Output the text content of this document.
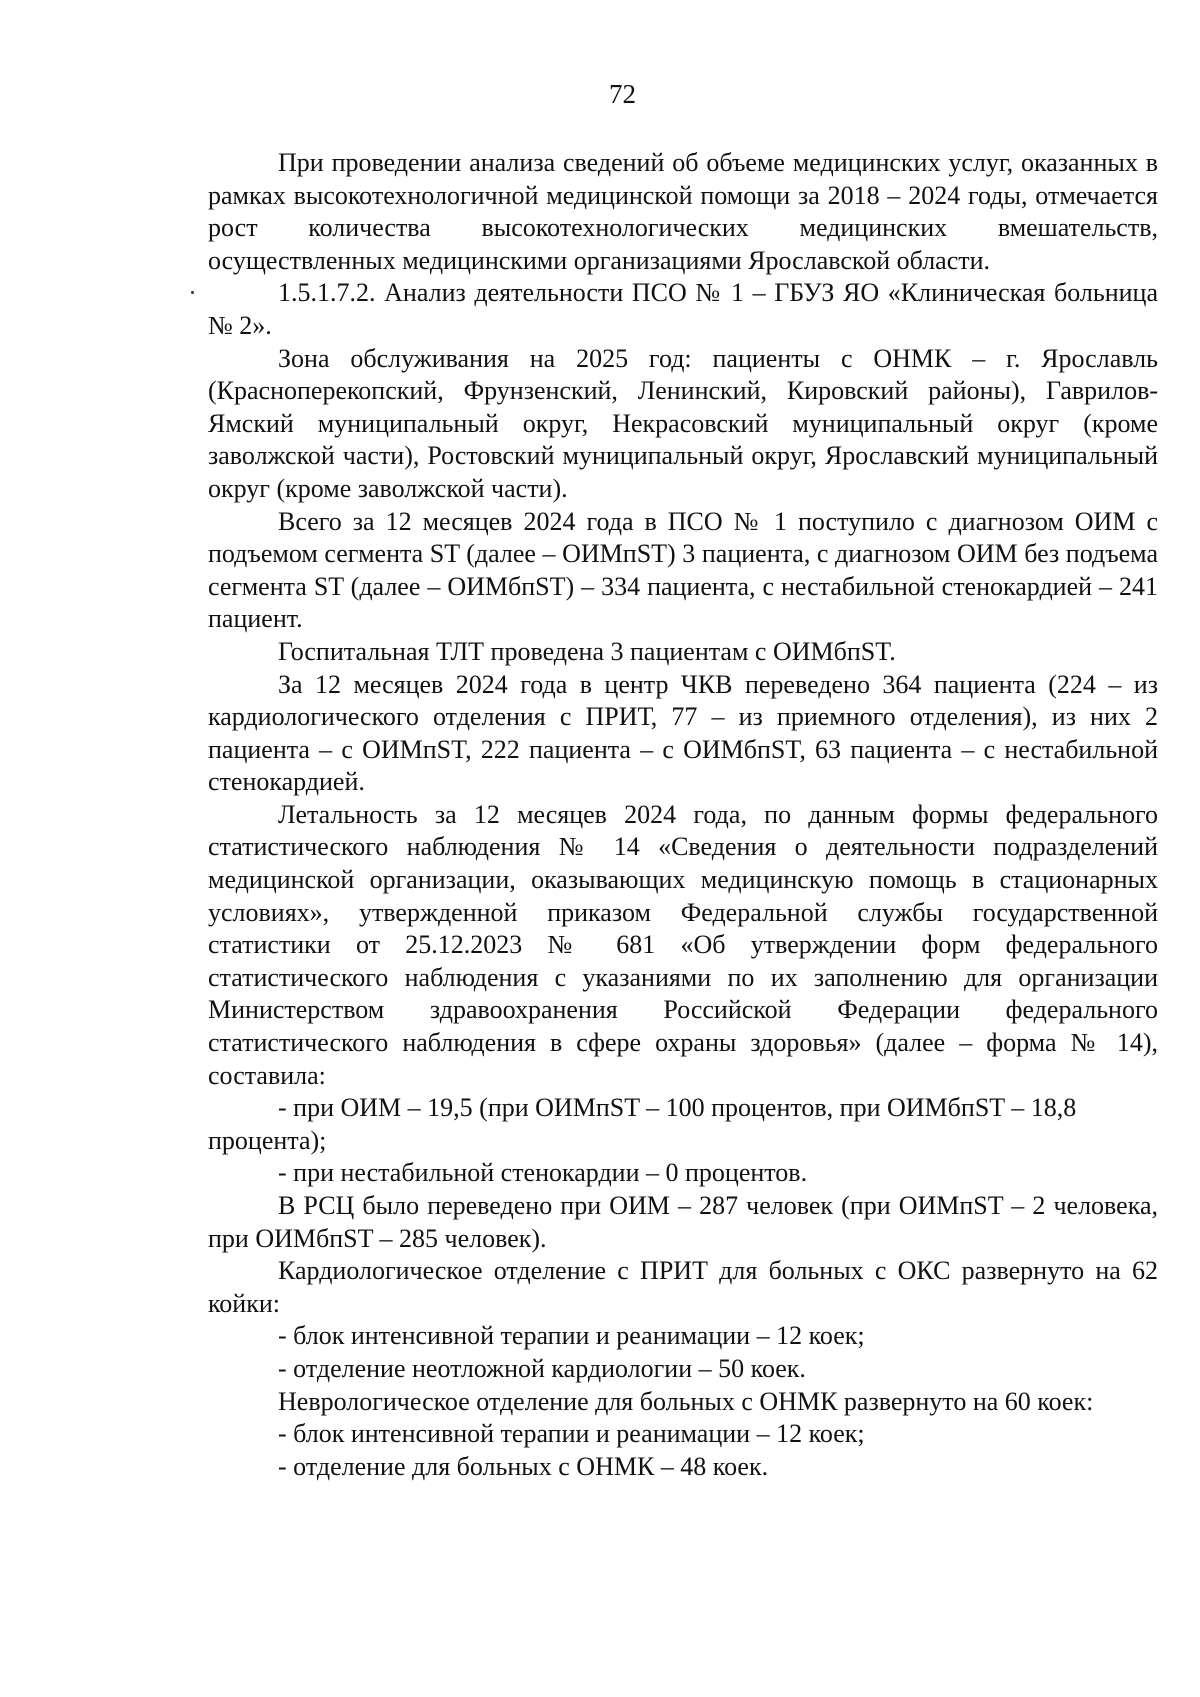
72

При проведении анализа сведений об объеме медицинских услуг, оказанных в рамках высокотехнологичной медицинской помощи за 2018 – 2024 годы, отмечается рост количества высокотехнологических медицинских вмешательств, осуществленных медицинскими организациями Ярославской области.

1.5.1.7.2. Анализ деятельности ПСО № 1 – ГБУЗ ЯО «Клиническая больница № 2».

Зона обслуживания на 2025 год: пациенты с ОНМК – г. Ярославль (Красноперекопский, Фрунзенский, Ленинский, Кировский районы), Гаврилов-Ямский муниципальный округ, Некрасовский муниципальный округ (кроме заволжской части), Ростовский муниципальный округ, Ярославский муниципальный округ (кроме заволжской части).

Всего за 12 месяцев 2024 года в ПСО № 1 поступило с диагнозом ОИМ с подъемом сегмента ST (далее – ОИМпST) 3 пациента, с диагнозом ОИМ без подъема сегмента ST (далее – ОИМбпST) – 334 пациента, с нестабильной стенокардией – 241 пациент.

Госпитальная ТЛТ проведена 3 пациентам с ОИМбпST.

За 12 месяцев 2024 года в центр ЧКВ переведено 364 пациента (224 – из кардиологического отделения с ПРИТ, 77 – из приемного отделения), из них 2 пациента – с ОИМпST, 222 пациента – с ОИМбпST, 63 пациента – с нестабильной стенокардией.

Летальность за 12 месяцев 2024 года, по данным формы федерального статистического наблюдения № 14 «Сведения о деятельности подразделений медицинской организации, оказывающих медицинскую помощь в стационарных условиях», утвержденной приказом Федеральной службы государственной статистики от 25.12.2023 № 681 «Об утверждении форм федерального статистического наблюдения с указаниями по их заполнению для организации Министерством здравоохранения Российской Федерации федерального статистического наблюдения в сфере охраны здоровья» (далее – форма № 14), составила:

- при ОИМ – 19,5 (при ОИМпST – 100 процентов, при ОИМбпST – 18,8 процента);

- при нестабильной стенокардии – 0 процентов.

В РСЦ было переведено при ОИМ – 287 человек (при ОИМпST – 2 человека, при ОИМбпST – 285 человек).

Кардиологическое отделение с ПРИТ для больных с ОКС развернуто на 62 койки:

- блок интенсивной терапии и реанимации – 12 коек;

- отделение неотложной кардиологии – 50 коек.

Неврологическое отделение для больных с ОНМК развернуто на 60 коек:

- блок интенсивной терапии и реанимации – 12 коек;

- отделение для больных с ОНМК – 48 коек.
